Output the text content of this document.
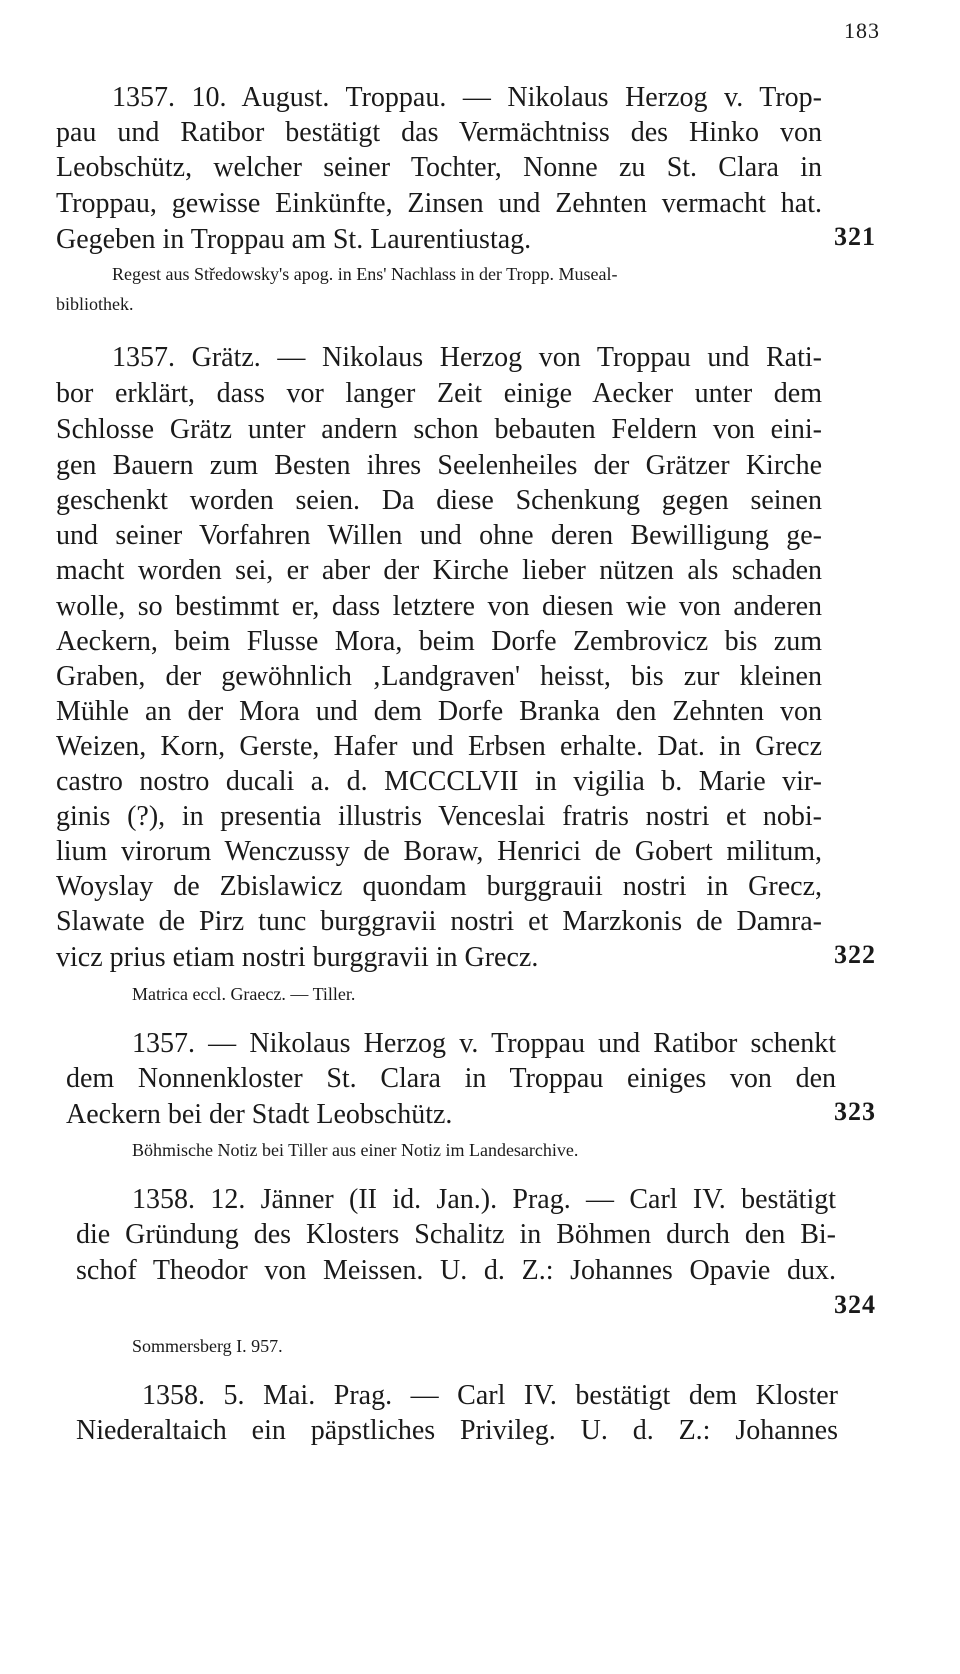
183
1357. 10. August. Troppau. — Nikolaus Herzog v. Trop-
pau und Ratibor bestätigt das Vermächtniss des Hinko von
Leobschütz, welcher seiner Tochter, Nonne zu St. Clara in
Troppau, gewisse Einkünfte, Zinsen und Zehnten vermacht hat.
Gegeben in Troppau am St. Laurentiustag.	321
Regest aus Středowsky's apog. in Ens' Nachlass in der Tropp. Museal-
bibliothek.
1357. Grätz. — Nikolaus Herzog von Troppau und Rati-
bor erklärt, dass vor langer Zeit einige Aecker unter dem
Schlosse Grätz unter andern schon bebauten Feldern von eini-
gen Bauern zum Besten ihres Seelenheiles der Grätzer Kirche
geschenkt worden seien. Da diese Schenkung gegen seinen
und seiner Vorfahren Willen und ohne deren Bewilligung ge-
macht worden sei, er aber der Kirche lieber nützen als schaden
wolle, so bestimmt er, dass letztere von diesen wie von anderen
Aeckern, beim Flusse Mora, beim Dorfe Zembrovicz bis zum
Graben, der gewöhnlich ‚Landgraven' heisst, bis zur kleinen
Mühle an der Mora und dem Dorfe Branka den Zehnten von
Weizen, Korn, Gerste, Hafer und Erbsen erhalte. Dat. in Grecz
castro nostro ducali a. d. MCCCLVII in vigilia b. Marie vir-
ginis (?), in presentia illustris Venceslai fratris nostri et nobi-
lium virorum Wenczussy de Boraw, Henrici de Gobert militum,
Woyslay de Zbislawicz quondam burggrauii nostri in Grecz,
Slawate de Pirz tunc burggravii nostri et Marzkonis de Damra-
vicz prius etiam nostri burggravii in Grecz.	322
Matrica eccl. Graecz. — Tiller.
1357. — Nikolaus Herzog v. Troppau und Ratibor schenkt
dem Nonnenkloster St. Clara in Troppau einiges von den
Aeckern bei der Stadt Leobschütz.	323
Böhmische Notiz bei Tiller aus einer Notiz im Landesarchive.
1358. 12. Jänner (II id. Jan.). Prag. — Carl IV. bestätigt
die Gründung des Klosters Schalitz in Böhmen durch den Bi-
schof Theodor von Meissen. U. d. Z.: Johannes Opavie dux.
324
Sommersberg I. 957.
1358. 5. Mai. Prag. — Carl IV. bestätigt dem Kloster
Niederaltaich ein päpstliches Privileg. U. d. Z.: Johannes
